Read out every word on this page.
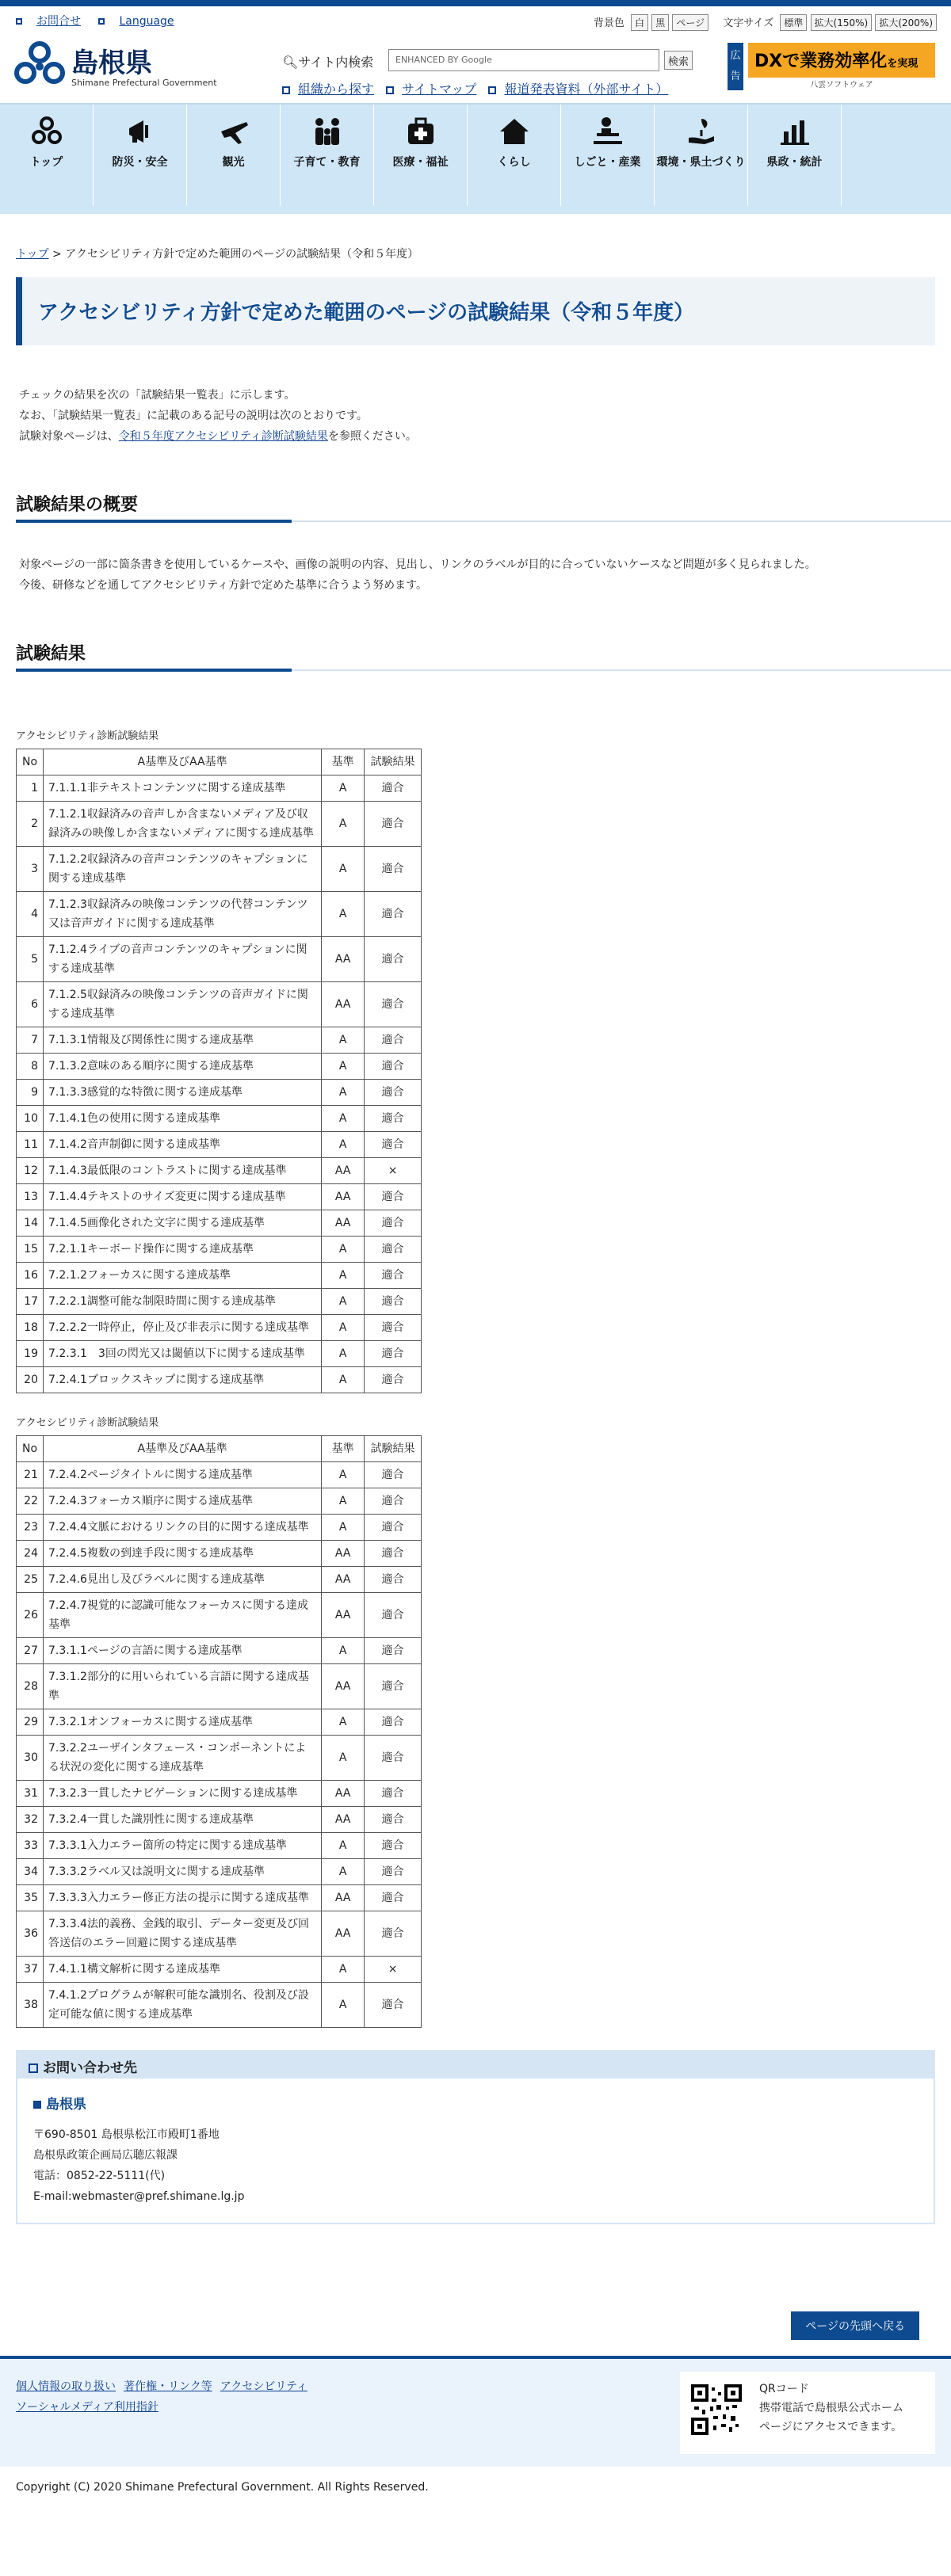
お問合せ	Language	背景色 白 黒 ページ 文字サイズ 標準 拡大(150%) 拡大(200%)
島根県
Shimane Prefectural Government
🔍︎サイト内検索	ENHANCED BY Google	検索
組織から探す サイトマップ 報道発表資料（外部サイト）
広告
DXで業務効率化を実現
八雲ソフトウェア
トップ	防災・安全	観光	子育て・教育	医療・福祉	くらし	しごと・産業	環境・県土づくり	県政・統計
トップ > アクセシビリティ方針で定めた範囲のページの試験結果（令和５年度）
アクセシビリティ方針で定めた範囲のページの試験結果（令和５年度）
チェックの結果を次の「試験結果一覧表」に示します。
なお、「試験結果一覧表」に記載のある記号の説明は次のとおりです。
試験対象ページは、令和５年度アクセシビリティ診断試験結果を参照ください。
試験結果の概要
対象ページの一部に箇条書きを使用しているケースや、画像の説明の内容、見出し、リンクのラベルが目的に合っていないケースなど問題が多く見られました。
今後、研修などを通してアクセシビリティ方針で定めた基準に合うよう努めます。
試験結果
アクセシビリティ診断試験結果
No	A基準及びAA基準	基準	試験結果
1	7.1.1.1非テキストコンテンツに関する達成基準	A	適合
2	7.1.2.1収録済みの音声しか含まないメディア及び収録済みの映像しか含まないメディアに関する達成基準	A	適合
3	7.1.2.2収録済みの音声コンテンツのキャプションに関する達成基準	A	適合
4	7.1.2.3収録済みの映像コンテンツの代替コンテンツ又は音声ガイドに関する達成基準	A	適合
5	7.1.2.4ライブの音声コンテンツのキャプションに関する達成基準	AA	適合
6	7.1.2.5収録済みの映像コンテンツの音声ガイドに関する達成基準	AA	適合
7	7.1.3.1情報及び関係性に関する達成基準	A	適合
8	7.1.3.2意味のある順序に関する達成基準	A	適合
9	7.1.3.3感覚的な特徴に関する達成基準	A	適合
10	7.1.4.1色の使用に関する達成基準	A	適合
11	7.1.4.2音声制御に関する達成基準	A	適合
12	7.1.4.3最低限のコントラストに関する達成基準	AA	×
13	7.1.4.4テキストのサイズ変更に関する達成基準	AA	適合
14	7.1.4.5画像化された文字に関する達成基準	AA	適合
15	7.2.1.1キーボード操作に関する達成基準	A	適合
16	7.2.1.2フォーカスに関する達成基準	A	適合
17	7.2.2.1調整可能な制限時間に関する達成基準	A	適合
18	7.2.2.2一時停止，停止及び非表示に関する達成基準	A	適合
19	7.2.3.1　3回の閃光又は閾値以下に関する達成基準	A	適合
20	7.2.4.1ブロックスキップに関する達成基準	A	適合
アクセシビリティ診断試験結果
No	A基準及びAA基準	基準	試験結果
21	7.2.4.2ページタイトルに関する達成基準	A	適合
22	7.2.4.3フォーカス順序に関する達成基準	A	適合
23	7.2.4.4文脈におけるリンクの目的に関する達成基準	A	適合
24	7.2.4.5複数の到達手段に関する達成基準	AA	適合
25	7.2.4.6見出し及びラベルに関する達成基準	AA	適合
26	7.2.4.7視覚的に認識可能なフォーカスに関する達成基準	AA	適合
27	7.3.1.1ページの言語に関する達成基準	A	適合
28	7.3.1.2部分的に用いられている言語に関する達成基準	AA	適合
29	7.3.2.1オンフォーカスに関する達成基準	A	適合
30	7.3.2.2ユーザインタフェース・コンポーネントによる状況の変化に関する達成基準	A	適合
31	7.3.2.3一貫したナビゲーションに関する達成基準	AA	適合
32	7.3.2.4一貫した識別性に関する達成基準	AA	適合
33	7.3.3.1入力エラー箇所の特定に関する達成基準	A	適合
34	7.3.3.2ラベル又は説明文に関する達成基準	A	適合
35	7.3.3.3入力エラー修正方法の提示に関する達成基準	AA	適合
36	7.3.3.4法的義務、金銭的取引、データー変更及び回答送信のエラー回避に関する達成基準	AA	適合
37	7.4.1.1構文解析に関する達成基準	A	×
38	7.4.1.2プログラムが解釈可能な識別名、役割及び設定可能な値に関する達成基準	A	適合
お問い合わせ先
島根県
〒690-8501 島根県松江市殿町1番地
島根県政策企画局広聴広報課
電話：0852-22-5111(代)
E-mail:webmaster@pref.shimane.lg.jp
ページの先頭へ戻る
個人情報の取り扱い 著作権・リンク等 アクセシビリティ
ソーシャルメディア利用指針
QRコード
携帯電話で島根県公式ホーム
ページにアクセスできます。
Copyright (C) 2020 Shimane Prefectural Government. All Rights Reserved.
